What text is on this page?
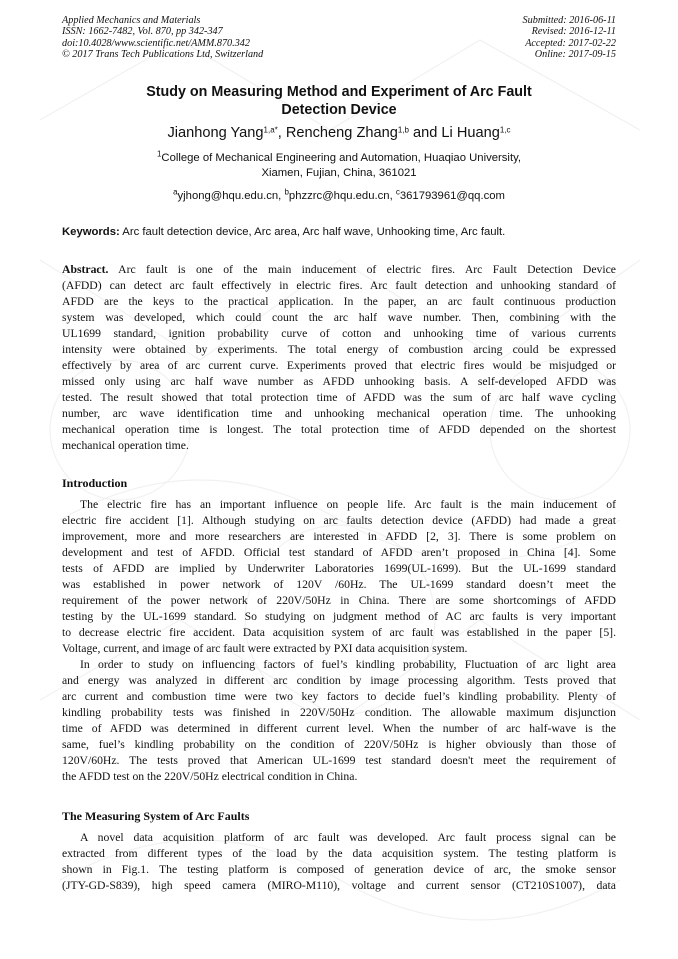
Applied Mechanics and Materials
ISSN: 1662-7482, Vol. 870, pp 342-347
doi:10.4028/www.scientific.net/AMM.870.342
© 2017 Trans Tech Publications Ltd, Switzerland
Submitted: 2016-06-11
Revised: 2016-12-11
Accepted: 2017-02-22
Online: 2017-09-15
Study on Measuring Method and Experiment of Arc Fault
Detection Device
Jianhong Yang$^{1,a*}$, Rencheng Zhang$^{1,b}$ and Li Huang$^{1,c}$
$^1$College of Mechanical Engineering and Automation, Huaqiao University,
Xiamen, Fujian, China, 361021
$^a$yjhong@hqu.edu.cn, $^b$phzzrc@hqu.edu.cn, $^c$361793961@qq.com
Keywords: Arc fault detection device, Arc area, Arc half wave, Unhooking time, Arc fault.
Abstract. Arc fault is one of the main inducement of electric fires. Arc Fault Detection Device
(AFDD) can detect arc fault effectively in electric fires. Arc fault detection and unhooking standard of
AFDD are the keys to the practical application. In the paper, an arc fault continuous production
system was developed, which could count the arc half wave number. Then, combining with the
UL1699 standard, ignition probability curve of cotton and unhooking time of various currents
intensity were obtained by experiments. The total energy of combustion arcing could be expressed
effectively by area of arc current curve. Experiments proved that electric fires would be misjudged or
missed only using arc half wave number as AFDD unhooking basis. A self-developed AFDD was
tested. The result showed that total protection time of AFDD was the sum of arc half wave cycling
number, arc wave identification time and unhooking mechanical operation time. The unhooking
mechanical operation time is longest. The total protection time of AFDD depended on the shortest
mechanical operation time.
Introduction
The electric fire has an important influence on people life. Arc fault is the main inducement of
electric fire accident [1]. Although studying on arc faults detection device (AFDD) had made a great
improvement, more and more researchers are interested in AFDD [2, 3]. There is some problem on
development and test of AFDD. Official test standard of AFDD aren’t proposed in China [4]. Some
tests of AFDD are implied by Underwriter Laboratories 1699(UL-1699). But the UL-1699 standard
was established in power network of 120V /60Hz. The UL-1699 standard doesn’t meet the
requirement of the power network of 220V/50Hz in China. There are some shortcomings of AFDD
testing by the UL-1699 standard. So studying on judgment method of AC arc faults is very important
to decrease electric fire accident. Data acquisition system of arc fault was established in the paper [5].
Voltage, current, and image of arc fault were extracted by PXI data acquisition system.
In order to study on influencing factors of fuel’s kindling probability, Fluctuation of arc light area
and energy was analyzed in different arc condition by image processing algorithm. Tests proved that
arc current and combustion time were two key factors to decide fuel’s kindling probability. Plenty of
kindling probability tests was finished in 220V/50Hz condition. The allowable maximum disjunction
time of AFDD was determined in different current level. When the number of arc half-wave is the
same, fuel’s kindling probability on the condition of 220V/50Hz is higher obviously than those of
120V/60Hz. The tests proved that American UL-1699 test standard doesn't meet the requirement of
the AFDD test on the 220V/50Hz electrical condition in China.
The Measuring System of Arc Faults
A novel data acquisition platform of arc fault was developed. Arc fault process signal can be
extracted from different types of the load by the data acquisition system. The testing platform is
shown in Fig.1. The testing platform is composed of generation device of arc, the smoke sensor
(JTY-GD-S839), high speed camera (MIRO-M110), voltage and current sensor (CT210S1007), data
